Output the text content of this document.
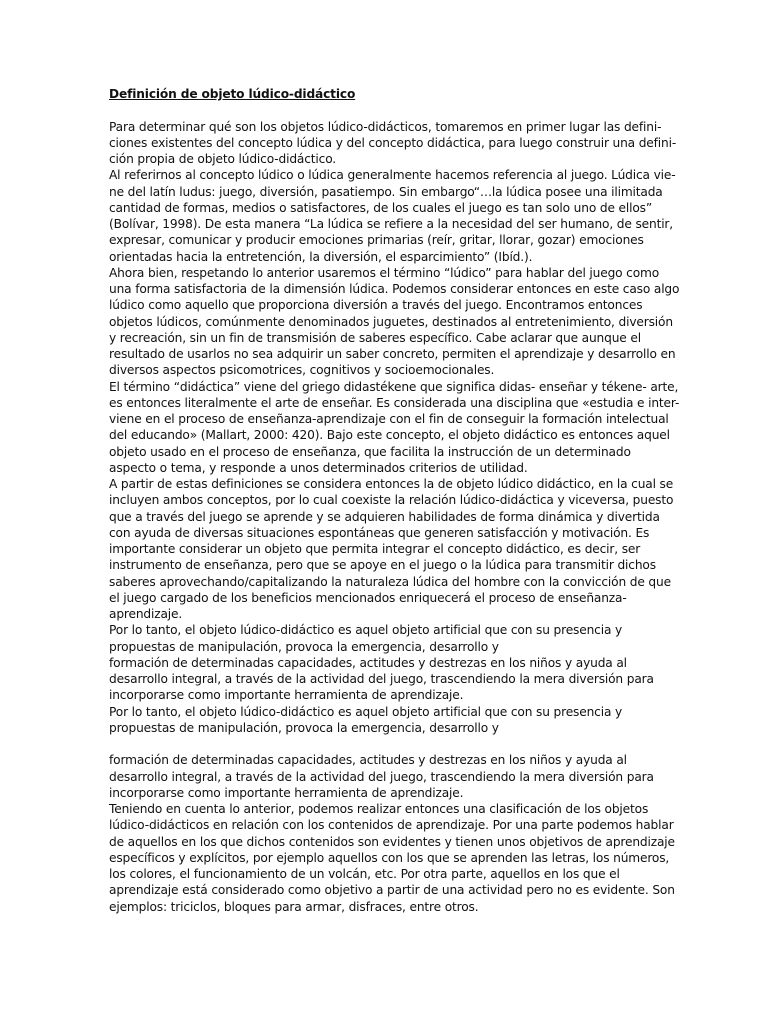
Definición de objeto lúdico-didáctico
Para determinar qué son los objetos lúdico-didácticos, tomaremos en primer lugar las defini-
ciones existentes del concepto lúdica y del concepto didáctica, para luego construir una defini-
ción propia de objeto lúdico-didáctico.
Al referirnos al concepto lúdico o lúdica generalmente hacemos referencia al juego. Lúdica vie-
ne del latín ludus: juego, diversión, pasatiempo. Sin embargo“…la lúdica posee una ilimitada
cantidad de formas, medios o satisfactores, de los cuales el juego es tan solo uno de ellos”
(Bolívar, 1998). De esta manera “La lúdica se refiere a la necesidad del ser humano, de sentir,
expresar, comunicar y producir emociones primarias (reír, gritar, llorar, gozar) emociones
orientadas hacia la entretención, la diversión, el esparcimiento” (Ibíd.).
Ahora bien, respetando lo anterior usaremos el término “lúdico” para hablar del juego como
una forma satisfactoria de la dimensión lúdica. Podemos considerar entonces en este caso algo
lúdico como aquello que proporciona diversión a través del juego. Encontramos entonces
objetos lúdicos, comúnmente denominados juguetes, destinados al entretenimiento, diversión
y recreación, sin un fin de transmisión de saberes específico. Cabe aclarar que aunque el
resultado de usarlos no sea adquirir un saber concreto, permiten el aprendizaje y desarrollo en
diversos aspectos psicomotrices, cognitivos y socioemocionales.
El término “didáctica” viene del griego didastékene que significa didas- enseñar y tékene- arte,
es entonces literalmente el arte de enseñar. Es considerada una disciplina que «estudia e inter-
viene en el proceso de enseñanza-aprendizaje con el fin de conseguir la formación intelectual
del educando» (Mallart, 2000: 420). Bajo este concepto, el objeto didáctico es entonces aquel
objeto usado en el proceso de enseñanza, que facilita la instrucción de un determinado
aspecto o tema, y responde a unos determinados criterios de utilidad.
A partir de estas definiciones se considera entonces la de objeto lúdico didáctico, en la cual se
incluyen ambos conceptos, por lo cual coexiste la relación lúdico-didáctica y viceversa, puesto
que a través del juego se aprende y se adquieren habilidades de forma dinámica y divertida
con ayuda de diversas situaciones espontáneas que generen satisfacción y motivación. Es
importante considerar un objeto que permita integrar el concepto didáctico, es decir, ser
instrumento de enseñanza, pero que se apoye en el juego o la lúdica para transmitir dichos
saberes aprovechando/capitalizando la naturaleza lúdica del hombre con la convicción de que
el juego cargado de los beneficios mencionados enriquecerá el proceso de enseñanza-
aprendizaje.
Por lo tanto, el objeto lúdico-didáctico es aquel objeto artificial que con su presencia y
propuestas de manipulación, provoca la emergencia, desarrollo y
formación de determinadas capacidades, actitudes y destrezas en los niños y ayuda al
desarrollo integral, a través de la actividad del juego, trascendiendo la mera diversión para
incorporarse como importante herramienta de aprendizaje.
Por lo tanto, el objeto lúdico-didáctico es aquel objeto artificial que con su presencia y
propuestas de manipulación, provoca la emergencia, desarrollo y
formación de determinadas capacidades, actitudes y destrezas en los niños y ayuda al
desarrollo integral, a través de la actividad del juego, trascendiendo la mera diversión para
incorporarse como importante herramienta de aprendizaje.
Teniendo en cuenta lo anterior, podemos realizar entonces una clasificación de los objetos
lúdico-didácticos en relación con los contenidos de aprendizaje. Por una parte podemos hablar
de aquellos en los que dichos contenidos son evidentes y tienen unos objetivos de aprendizaje
específicos y explícitos, por ejemplo aquellos con los que se aprenden las letras, los números,
los colores, el funcionamiento de un volcán, etc. Por otra parte, aquellos en los que el
aprendizaje está considerado como objetivo a partir de una actividad pero no es evidente. Son
ejemplos: triciclos, bloques para armar, disfraces, entre otros.
